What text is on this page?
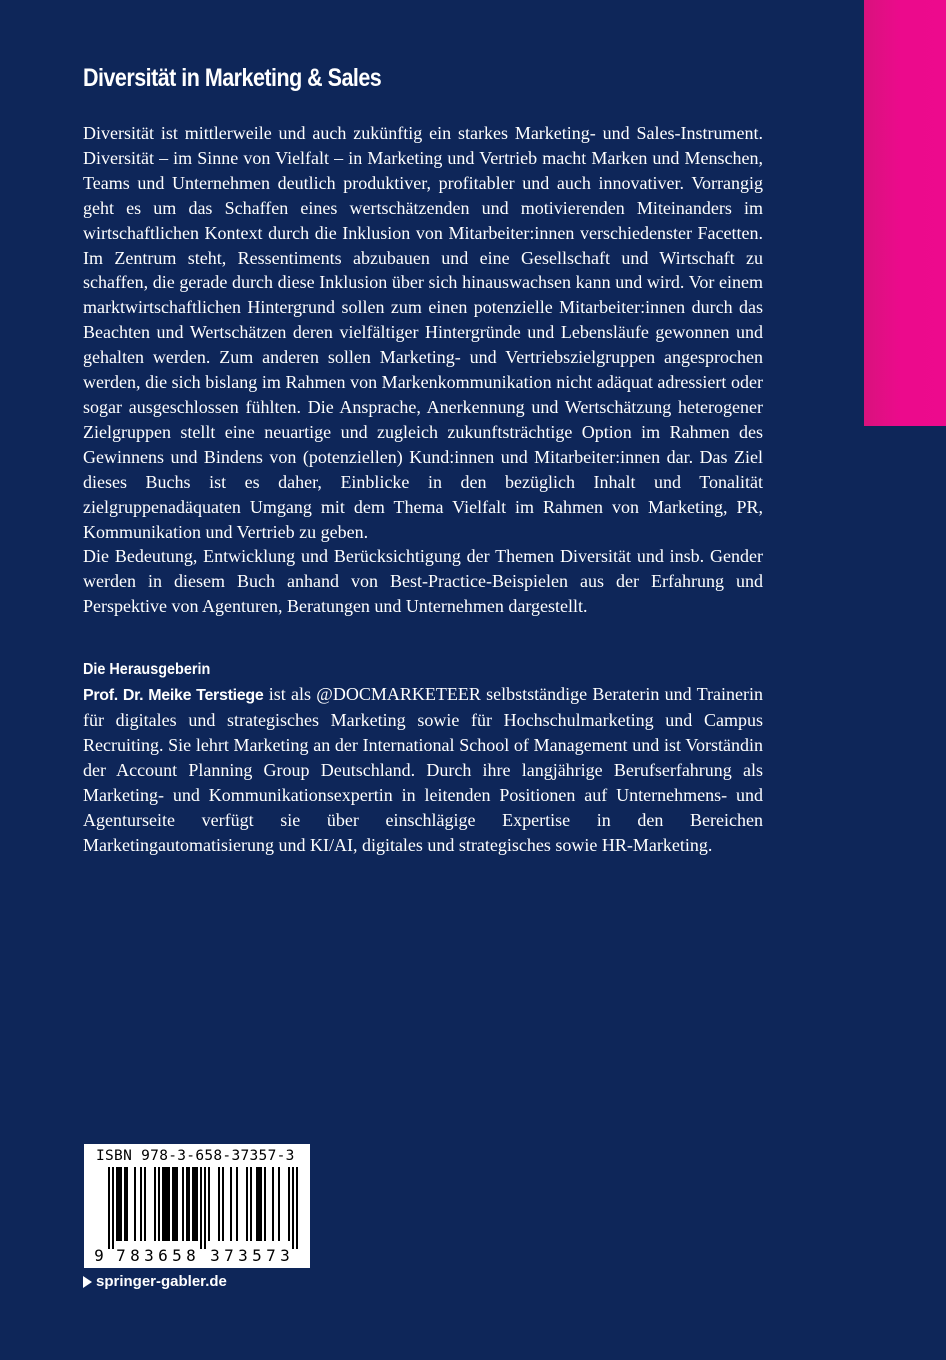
Diversität in Marketing & Sales

Diversität ist mittlerweile und auch zukünftig ein starkes Marketing- und Sales-Instrument. Diversität – im Sinne von Vielfalt – in Marketing und Vertrieb macht Marken und Menschen, Teams und Unternehmen deutlich produktiver, profitabler und auch innovativer. Vorrangig geht es um das Schaffen eines wertschätzenden und motivierenden Miteinanders im wirtschaftlichen Kontext durch die Inklusion von Mitarbeiter:innen verschiedenster Facetten. Im Zentrum steht, Ressentiments abzubauen und eine Gesellschaft und Wirtschaft zu schaffen, die gerade durch diese Inklusion über sich hinauswachsen kann und wird. Vor einem marktwirtschaftlichen Hintergrund sollen zum einen potenzielle Mitarbeiter:innen durch das Beachten und Wertschätzen deren vielfältiger Hintergründe und Lebensläufe gewonnen und gehalten werden. Zum anderen sollen Marketing- und Vertriebszielgruppen angesprochen werden, die sich bislang im Rahmen von Markenkommunikation nicht adäquat adressiert oder sogar ausgeschlossen fühlten. Die Ansprache, Anerkennung und Wertschätzung heterogener Zielgruppen stellt eine neuartige und zugleich zukunftsträchtige Option im Rahmen des Gewinnens und Bindens von (potenziellen) Kund:innen und Mitarbeiter:innen dar. Das Ziel dieses Buchs ist es daher, Einblicke in den bezüglich Inhalt und Tonalität zielgruppenadäquaten Umgang mit dem Thema Vielfalt im Rahmen von Marketing, PR, Kommunikation und Vertrieb zu geben.

Die Bedeutung, Entwicklung und Berücksichtigung der Themen Diversität und insb. Gender werden in diesem Buch anhand von Best-Practice-Beispielen aus der Erfahrung und Perspektive von Agenturen, Beratungen und Unternehmen dargestellt.

Die Herausgeberin

Prof. Dr. Meike Terstiege ist als @DOCMARKETEER selbstständige Beraterin und Trainerin für digitales und strategisches Marketing sowie für Hochschulmarketing und Campus Recruiting. Sie lehrt Marketing an der International School of Management und ist Vorständin der Account Planning Group Deutschland. Durch ihre langjährige Berufserfahrung als Marketing- und Kommunikationsexpertin in leitenden Positionen auf Unternehmens- und Agenturseite verfügt sie über einschlägige Expertise in den Bereichen Marketingautomatisierung und KI/AI, digitales und strategisches sowie HR-Marketing.

ISBN 978-3-658-37357-3
9 7 8 3 6 5 8 3 7 3 5 7 3
springer-gabler.de
